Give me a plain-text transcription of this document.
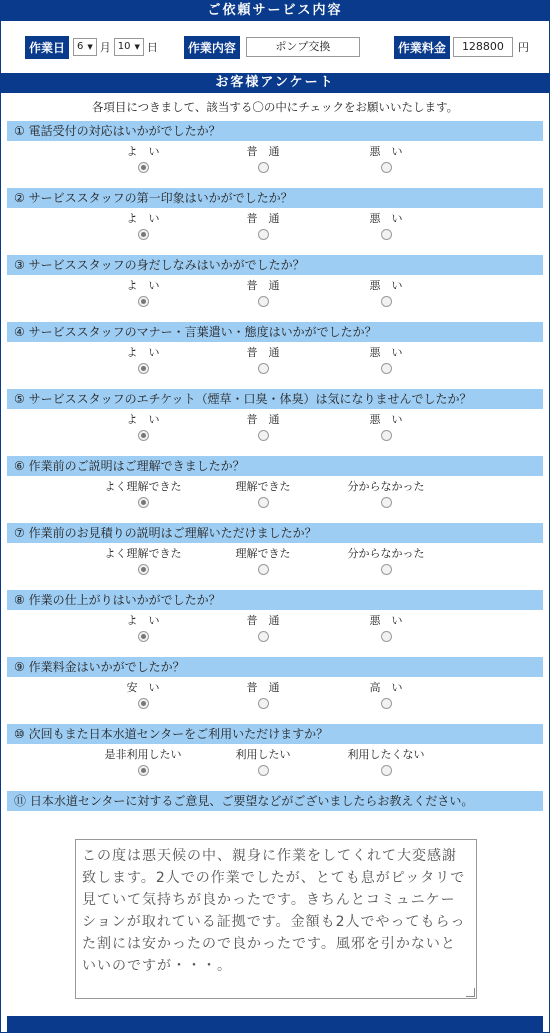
ご依頼サービス内容
作業日	6 ▼ 月 10 ▼ 日	作業内容	ポンプ交換	作業料金	128800	円
お客様アンケート
各項目につきまして、該当する〇の中にチェックをお願いいたします。
① 電話受付の対応はいかがでしたか？
よ　い	普　通	悪　い
② サービススタッフの第一印象はいかがでしたか？
よ　い	普　通	悪　い
③ サービススタッフの身だしなみはいかがでしたか？
よ　い	普　通	悪　い
④ サービススタッフのマナー・言葉遣い・態度はいかがでしたか？
よ　い	普　通	悪　い
⑤ サービススタッフのエチケット（煙草・口臭・体臭）は気になりませんでしたか？
よ　い	普　通	悪　い
⑥ 作業前のご説明はご理解できましたか？
よく理解できた	理解できた	分からなかった
⑦ 作業前のお見積りの説明はご理解いただけましたか？
よく理解できた	理解できた	分からなかった
⑧ 作業の仕上がりはいかがでしたか？
よ　い	普　通	悪　い
⑨ 作業料金はいかがでしたか？
安　い	普　通	高　い
⑩ 次回もまた日本水道センターをご利用いただけますか？
是非利用したい	利用したい	利用したくない
⑪ 日本水道センターに対するご意見、ご要望などがございましたらお教えください。
この度は悪天候の中、親身に作業をしてくれて大変感謝致します。2人での作業でしたが、とても息がピッタリで見ていて気持ちが良かったです。きちんとコミュニケーションが取れている証拠です。金額も2人でやってもらった割には安かったので良かったです。風邪を引かないといいのですが・・・。
